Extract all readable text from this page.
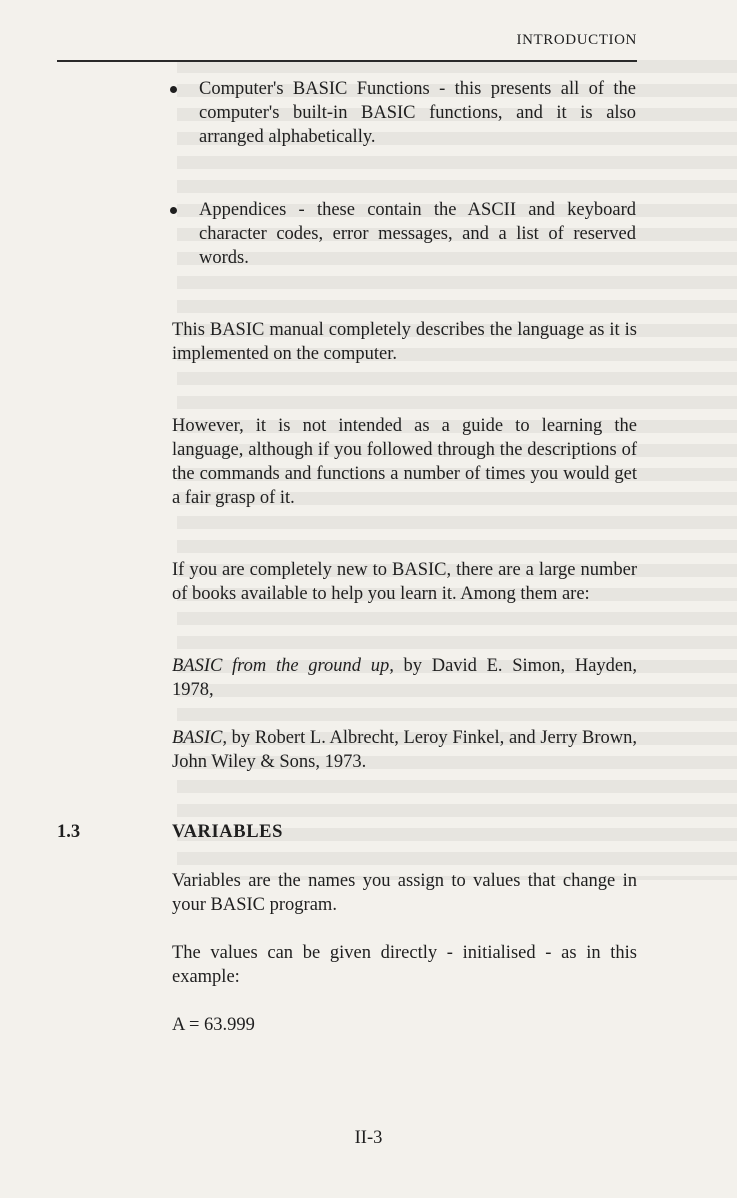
INTRODUCTION
Computer's BASIC Functions - this presents all of the computer's built-in BASIC functions, and it is also arranged alphabetically.
Appendices - these contain the ASCII and keyboard character codes, error messages, and a list of reserved words.

This BASIC manual completely describes the language as it is implemented on the computer.

However, it is not intended as a guide to learning the language, although if you followed through the descriptions of the commands and functions a number of times you would get a fair grasp of it.

If you are completely new to BASIC, there are a large number of books available to help you learn it. Among them are:

BASIC from the ground up, by David E. Simon, Hayden, 1978,

BASIC, by Robert L. Albrecht, Leroy Finkel, and Jerry Brown, John Wiley & Sons, 1973.

1.3	VARIABLES

Variables are the names you assign to values that change in your BASIC program.

The values can be given directly - initialised - as in this example:

A = 63.999
II-3
